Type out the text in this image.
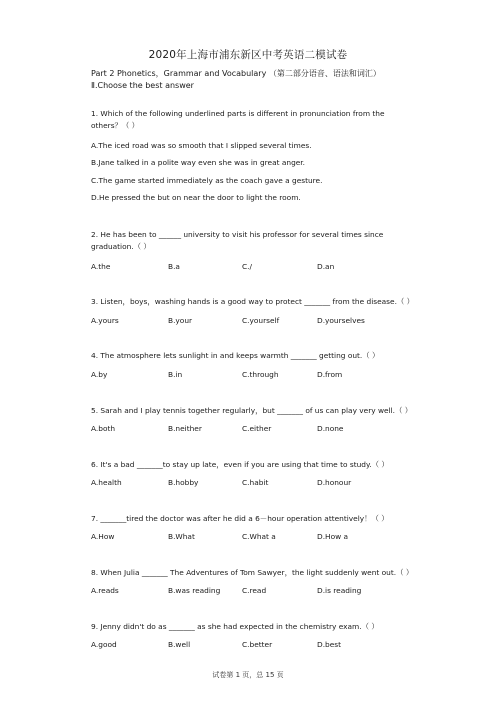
2020年上海市浦东新区中考英语二模试卷
Part 2 Phonetics，Grammar and Vocabulary （第二部分语音、语法和词汇）
Ⅱ.Choose the best answer
1. Which of the following underlined parts is different in pronunciation from the others？（ ）
A.The iced road was so smooth that I slipped several times.
B.Jane talked in a polite way even she was in great anger.
C.The game started immediately as the coach gave a gesture.
D.He pressed the but on near the door to light the room.
2. He has been to ______ university to visit his professor for several times since graduation.（ ）
A.the	B.a	C./	D.an
3. Listen，boys，washing hands is a good way to protect _______ from the disease.（ ）
A.yours	B.your	C.yourself	D.yourselves
4. The atmosphere lets sunlight in and keeps warmth _______ getting out.（ ）
A.by	B.in	C.through	D.from
5. Sarah and I play tennis together regularly，but _______ of us can play very well.（ ）
A.both	B.neither	C.either	D.none
6. It's a bad _______to stay up late，even if you are using that time to study.（ ）
A.health	B.hobby	C.habit	D.honour
7. _______tired the doctor was after he did a 6－hour operation attentively！（ ）
A.How	B.What	C.What a	D.How a
8. When Julia _______ The Adventures of Tom Sawyer，the light suddenly went out.（ ）
A.reads	B.was reading	C.read	D.is reading
9. Jenny didn't do as _______ as she had expected in the chemistry exam.（ ）
A.good	B.well	C.better	D.best
试卷第 1 页，总 15 页
